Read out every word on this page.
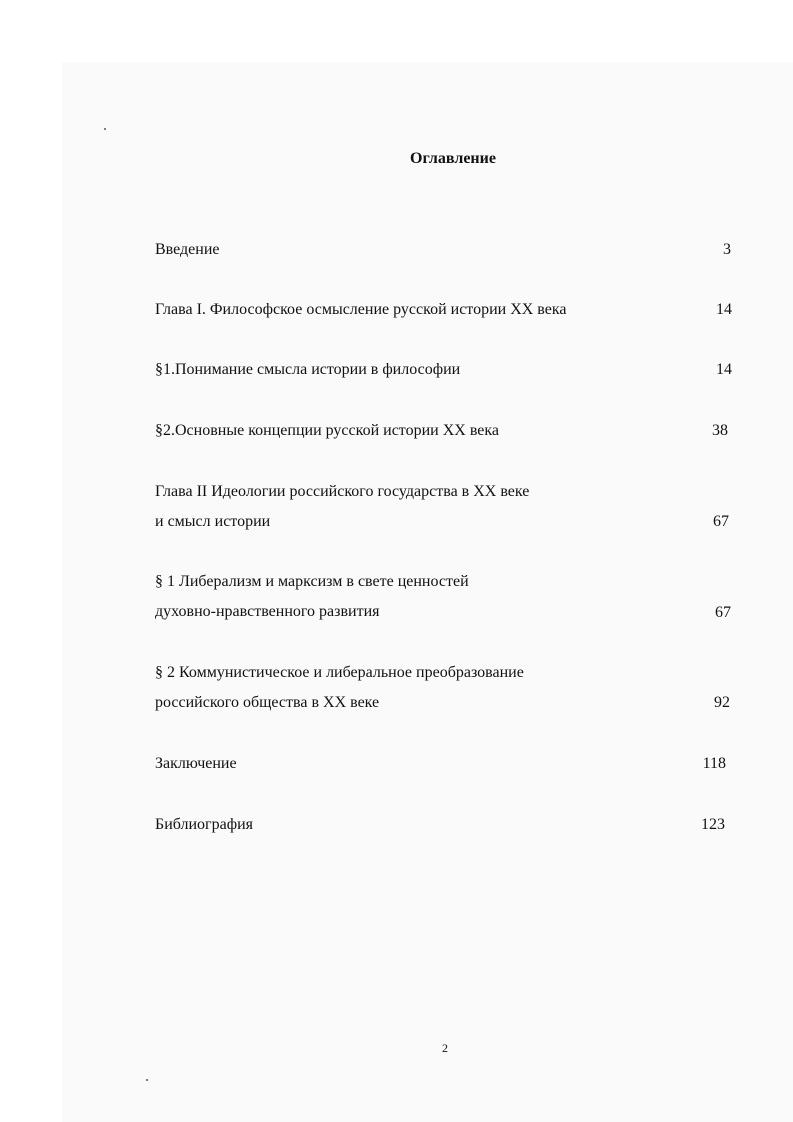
Оглавление
Введение	3
Глава I. Философское осмысление русской истории XX века	14
§1.Понимание смысла истории в философии	14
§2.Основные концепции русской истории XX века	38
Глава II Идеологии российского государства в XX веке
и смысл истории	67
§ 1 Либерализм и марксизм в свете ценностей
духовно-нравственного развития	67
§ 2 Коммунистическое и либеральное преобразование
российского общества в XX веке	92
Заключение	118
Библиография	123
2
